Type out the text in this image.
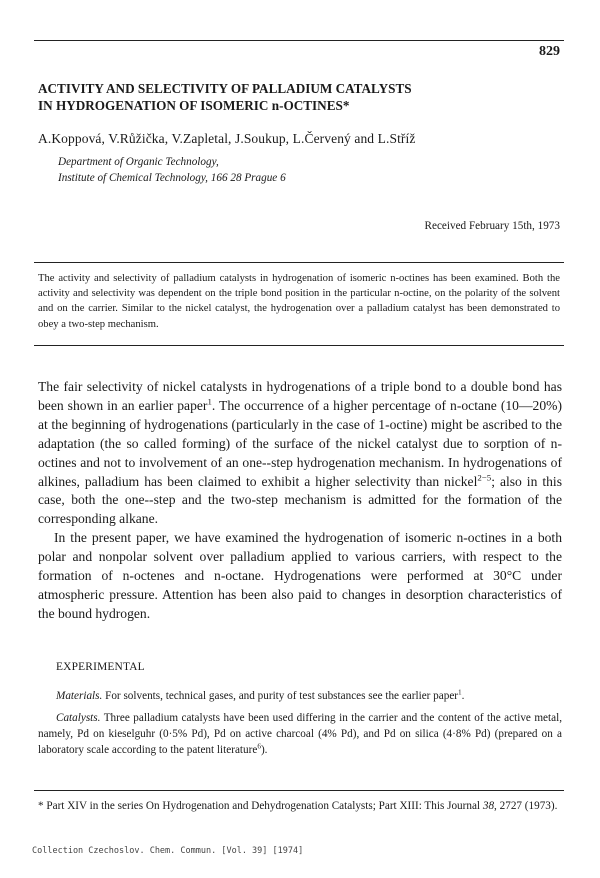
829
ACTIVITY AND SELECTIVITY OF PALLADIUM CATALYSTS
IN HYDROGENATION OF ISOMERIC n-OCTINES*
A.Koppová, V.Růžička, V.Zapletal, J.Soukup, L.Červený and L.Stříž
Department of Organic Technology,
Institute of Chemical Technology, 166 28 Prague 6
Received February 15th, 1973
The activity and selectivity of palladium catalysts in hydrogenation of isomeric n-octines has been examined. Both the activity and selectivity was dependent on the triple bond position in the particular n-octine, on the polarity of the solvent and on the carrier. Similar to the nickel catalyst, the hydrogenation over a palladium catalyst has been demonstrated to obey a two-step mechanism.

The fair selectivity of nickel catalysts in hydrogenations of a triple bond to a double bond has been shown in an earlier paper$^1$. The occurrence of a higher percentage of n-octane (10—20%) at the beginning of hydrogenations (particularly in the case of 1-octine) might be ascribed to the adaptation (the so called forming) of the surface of the nickel catalyst due to sorption of n-octines and not to involvement of an one--step hydrogenation mechanism. In hydrogenations of alkines, palladium has been claimed to exhibit a higher selectivity than nickel$^{2-5}$; also in this case, both the one--step and the two-step mechanism is admitted for the formation of the corresponding alkane.

In the present paper, we have examined the hydrogenation of isomeric n-octines in a both polar and nonpolar solvent over palladium applied to various carriers, with respect to the formation of n-octenes and n-octane. Hydrogenations were performed at 30°C under atmospheric pressure. Attention has been also paid to changes in desorption characteristics of the bound hydrogen.

EXPERIMENTAL

Materials. For solvents, technical gases, and purity of test substances see the earlier paper$^1$.

Catalysts. Three palladium catalysts have been used differing in the carrier and the content of the active metal, namely, Pd on kieselguhr (0·5% Pd), Pd on active charcoal (4% Pd), and Pd on silica (4·8% Pd) (prepared on a laboratory scale according to the patent literature$^6$).

* Part XIV in the series On Hydrogenation and Dehydrogenation Catalysts; Part XIII: This Journal 38, 2727 (1973).
Collection Czechoslov. Chem. Commun. [Vol. 39] [1974]
